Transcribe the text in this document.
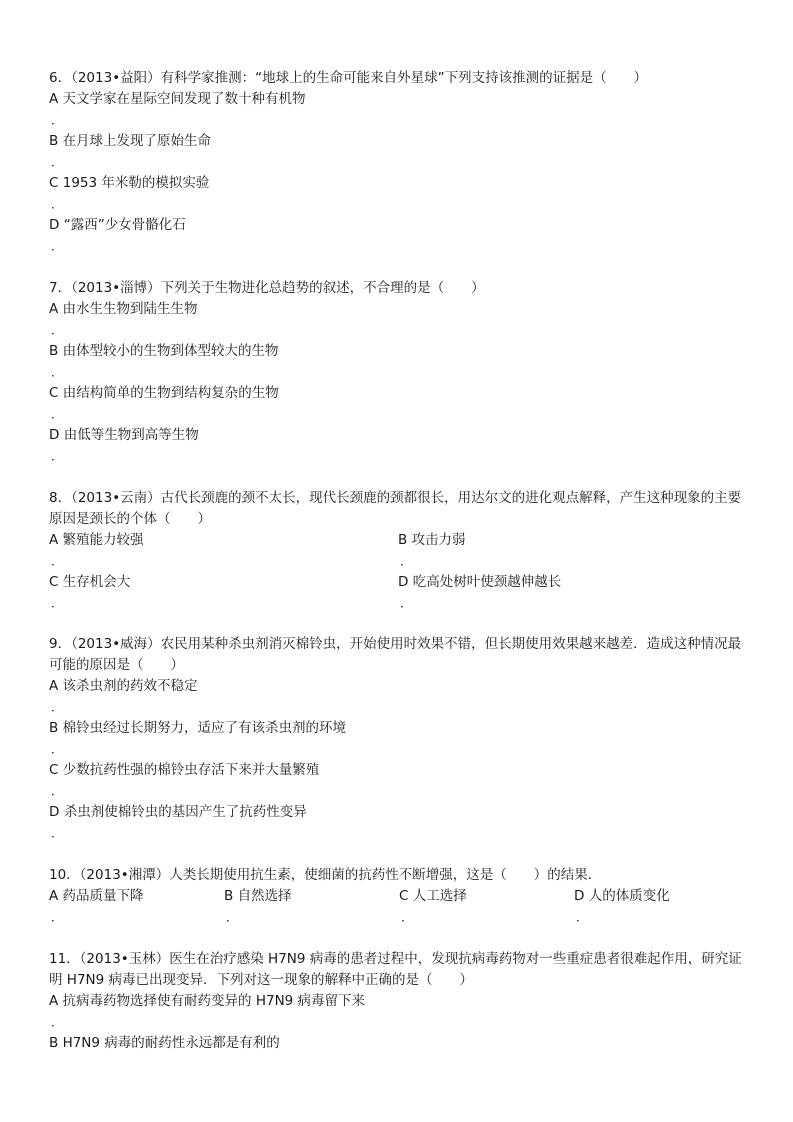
6．（2013•益阳）有科学家推测：“地球上的生命可能来自外星球”下列支持该推测的证据是（　　）
A 天文学家在星际空间发现了数十种有机物
．
B 在月球上发现了原始生命
．
C 1953 年米勒的模拟实验
．
D “露西”少女骨骼化石
．
7．（2013•淄博）下列关于生物进化总趋势的叙述，不合理的是（　　）
A 由水生生物到陆生生物
．
B 由体型较小的生物到体型较大的生物
．
C 由结构简单的生物到结构复杂的生物
．
D 由低等生物到高等生物
．
8．（2013•云南）古代长颈鹿的颈不太长，现代长颈鹿的颈都很长，用达尔文的进化观点解释，产生这种现象的主要原因是颈长的个体（　　）
A 繁殖能力较强
．
B 攻击力弱
．
C 生存机会大
．
D 吃高处树叶使颈越伸越长
．
9．（2013•威海）农民用某种杀虫剂消灭棉铃虫，开始使用时效果不错，但长期使用效果越来越差．造成这种情况最可能的原因是（　　）
A 该杀虫剂的药效不稳定
．
B 棉铃虫经过长期努力，适应了有该杀虫剂的环境
．
C 少数抗药性强的棉铃虫存活下来并大量繁殖
．
D 杀虫剂使棉铃虫的基因产生了抗药性变异
．
10．（2013•湘潭）人类长期使用抗生素，使细菌的抗药性不断增强，这是（　　）的结果．
A 药品质量下降
．
B 自然选择
．
C 人工选择
．
D 人的体质变化
．
11．（2013•玉林）医生在治疗感染 H7N9 病毒的患者过程中，发现抗病毒药物对一些重症患者很难起作用，研究证明 H7N9 病毒已出现变异．下列对这一现象的解释中正确的是（　　）
A 抗病毒药物选择使有耐药变异的 H7N9 病毒留下来
．
B H7N9 病毒的耐药性永远都是有利的
